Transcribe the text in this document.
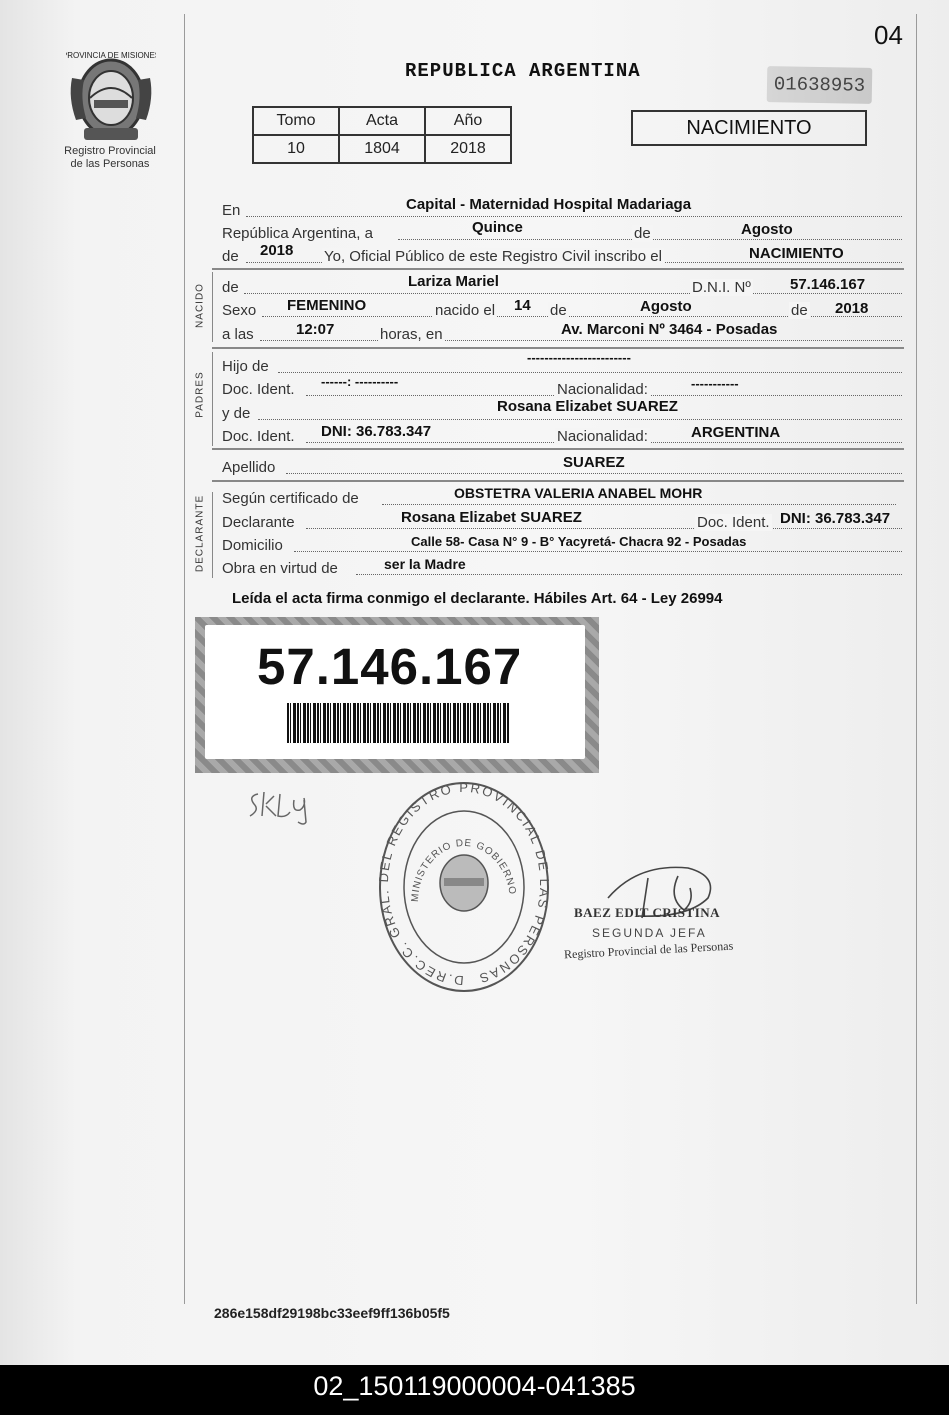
04
PROVINCIA DE MISIONES
Registro Provincial
de las Personas
REPUBLICA ARGENTINA
01638953
Tomo	Acta	Año
10	1804	2018
NACIMIENTO
En	Capital - Maternidad Hospital Madariaga
República Argentina, a	Quince	de	Agosto
de 2018 Yo, Oficial Público de este Registro Civil inscribo el	NACIMIENTO
NACIDO de	Lariza Mariel	D.N.I. Nº	57.146.167
Sexo FEMENINO	nacido el 14 de	Agosto	de 2018
a las	12:07	horas, en	Av. Marconi Nº 3464 - Posadas
PADRES
Hijo de
------------------------
Doc. Ident. ------: ----------	Nacionalidad:	-----------
y de	Rosana Elizabet SUAREZ
Doc. Ident. DNI: 36.783.347	Nacionalidad:	ARGENTINA
Apellido	SUAREZ
DECLARANTE Según certificado de	OBSTETRA VALERIA ANABEL MOHR
Declarante	Rosana Elizabet SUAREZ	Doc. Ident. DNI: 36.783.347
Domicilio	Calle 58- Casa N° 9 - B° Yacyretá- Chacra 92 - Posadas
Obra en virtud de	ser la Madre
Leída el acta firma conmigo el declarante. Hábiles Art. 64 - Ley 26994
57.146.167
D.REC.C. GRAL EL REGISTRO PROVINCIAL DE S PERSONAS
MINISTERIO DE GOBIERNO
BAEZ EDIT CRISTINA
SEGUNDA JEFA
Registro Provincial de las Personas
286e158df29198bc33eef9ff136b05f5
02_150119000004-041385
